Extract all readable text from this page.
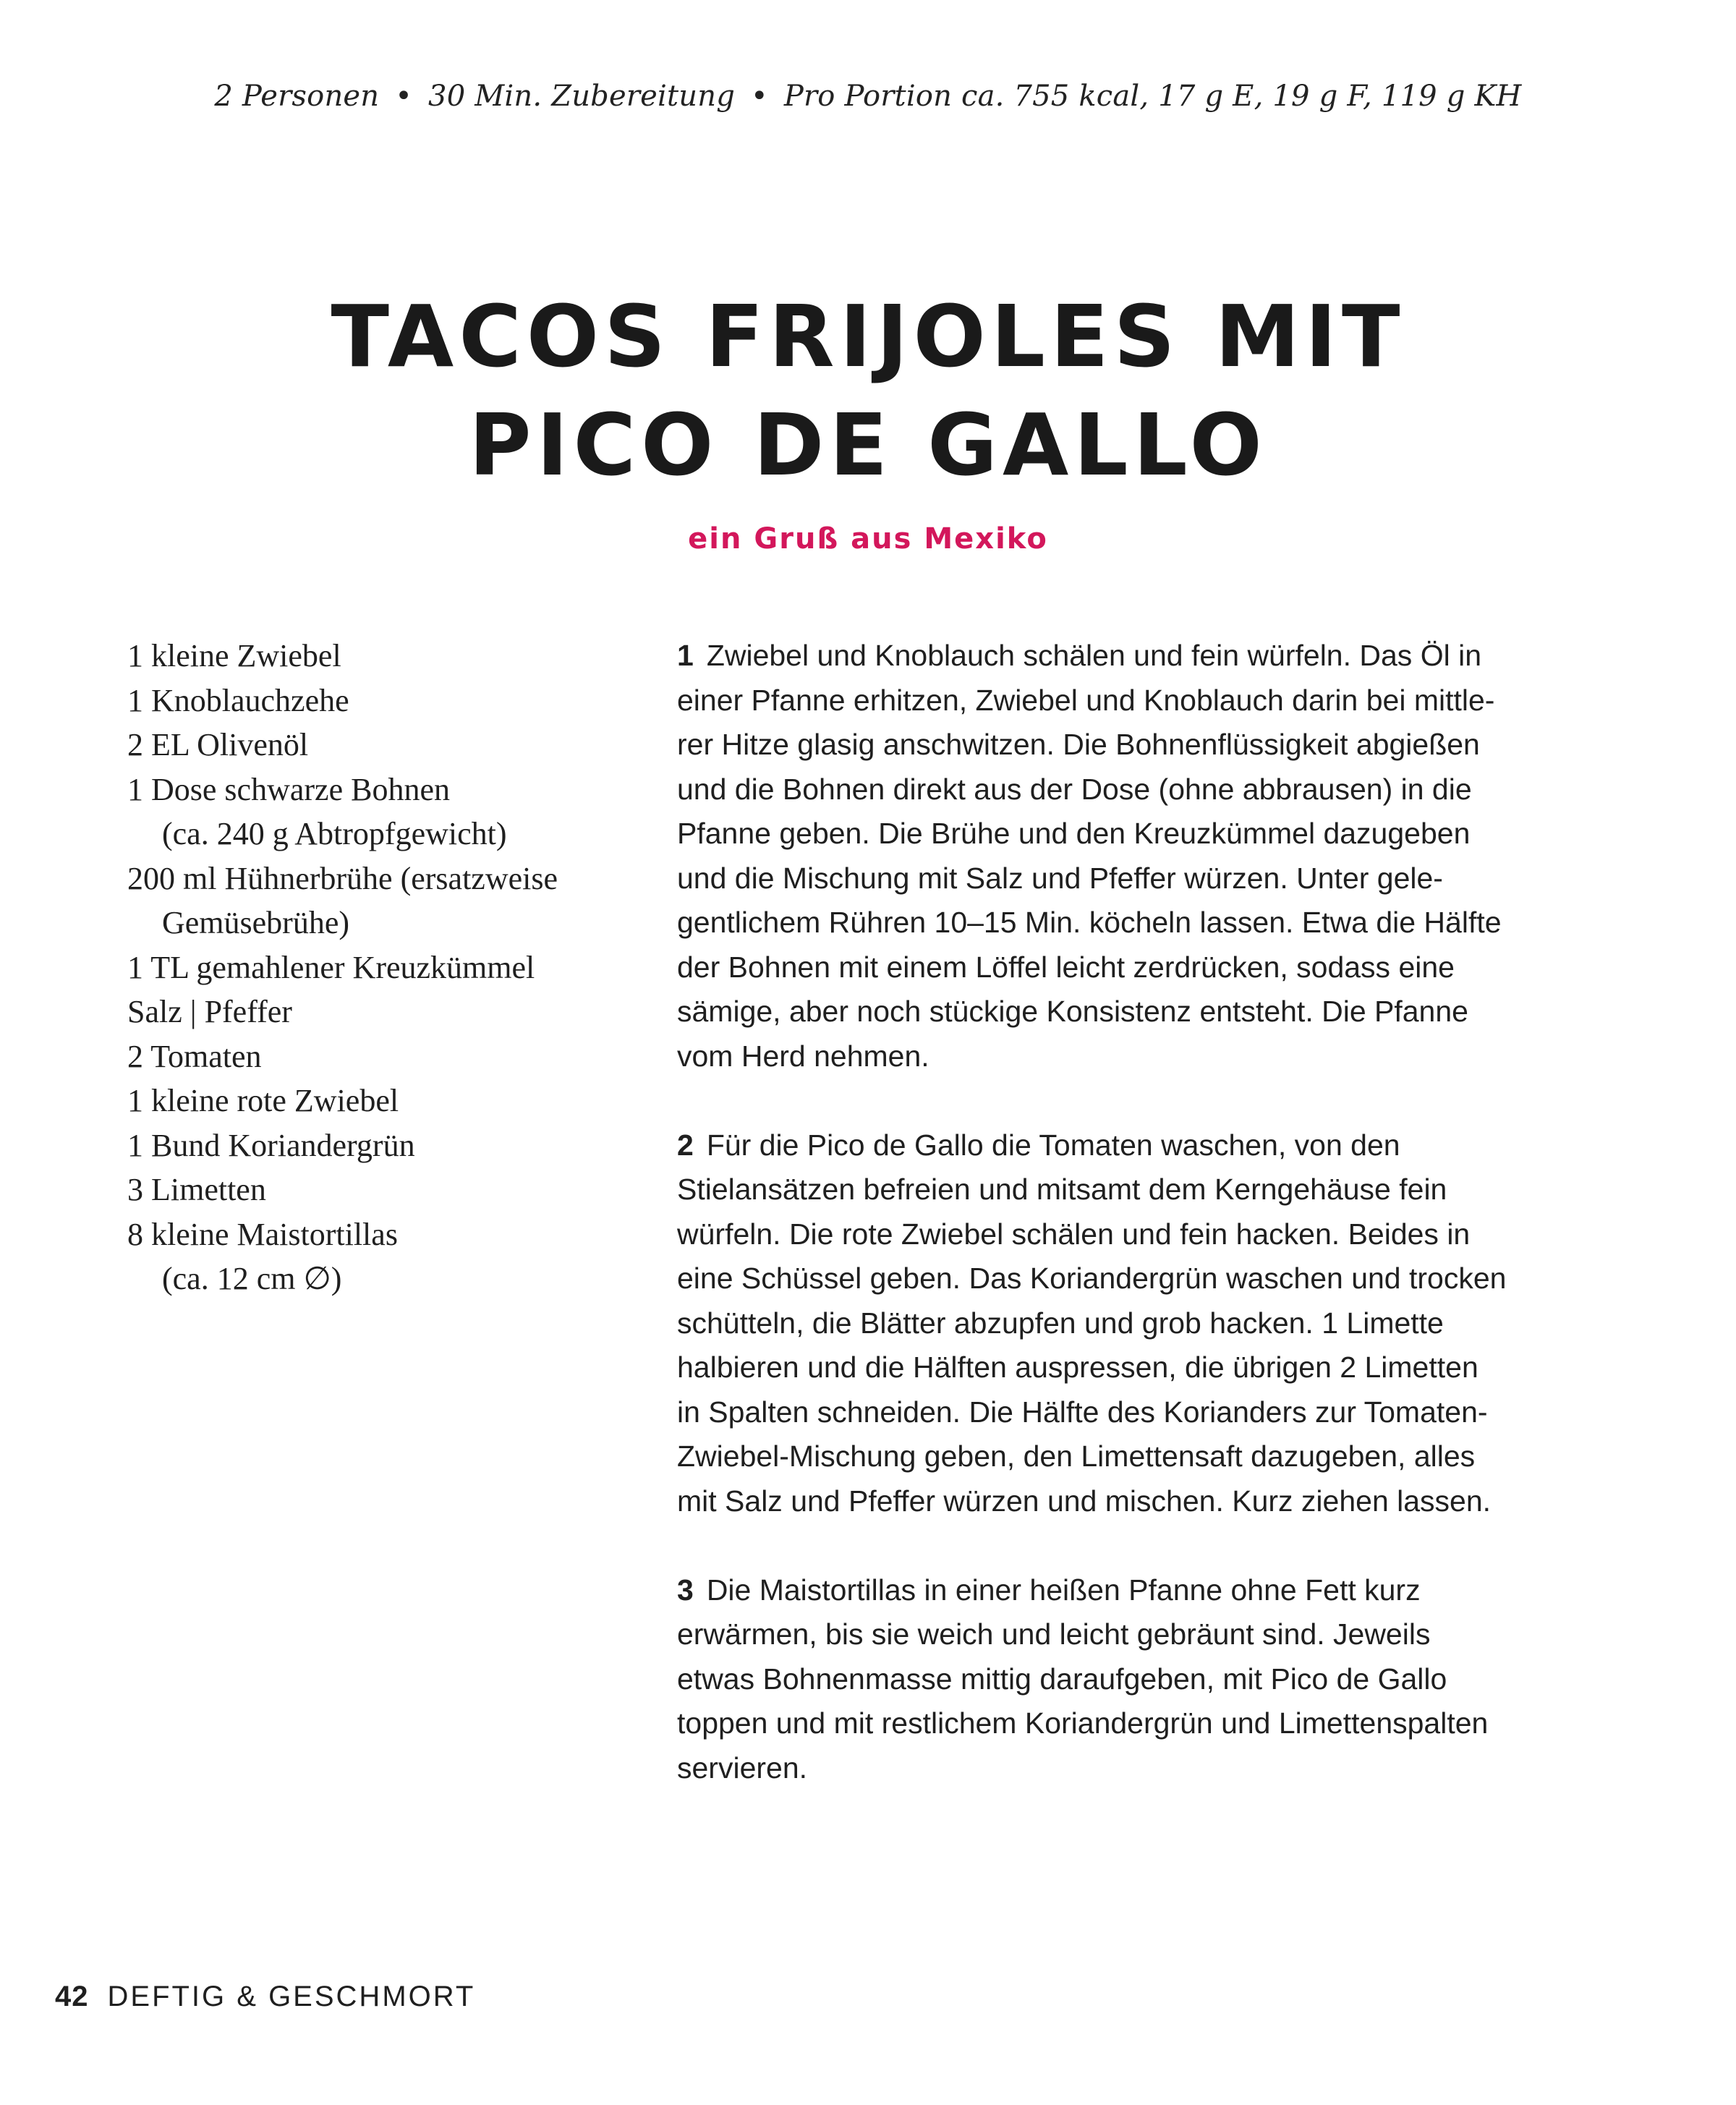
2 Personen • 30 Min. Zubereitung • Pro Portion ca. 755 kcal, 17 g E, 19 g F, 119 g KH
TACOS FRIJOLES MIT
PICO DE GALLO
ein Gruß aus Mexiko
1 kleine Zwiebel
1 Knoblauchzehe
2 EL Olivenöl
1 Dose schwarze Bohnen
(ca. 240 g Abtropfgewicht)
200 ml Hühnerbrühe (ersatzweise
Gemüsebrühe)
1 TL gemahlener Kreuzkümmel
Salz | Pfeffer
2 Tomaten
1 kleine rote Zwiebel
1 Bund Koriandergrün
3 Limetten
8 kleine Maistortillas
(ca. 12 cm ∅)
1 Zwiebel und Knoblauch schälen und fein würfeln. Das Öl in
einer Pfanne erhitzen, Zwiebel und Knoblauch darin bei mittle-
rer Hitze glasig anschwitzen. Die Bohnenflüssigkeit abgießen
und die Bohnen direkt aus der Dose (ohne abbrausen) in die
Pfanne geben. Die Brühe und den Kreuzkümmel dazugeben
und die Mischung mit Salz und Pfeffer würzen. Unter gele-
gentlichem Rühren 10–15 Min. köcheln lassen. Etwa die Hälfte
der Bohnen mit einem Löffel leicht zerdrücken, sodass eine
sämige, aber noch stückige Konsistenz entsteht. Die Pfanne
vom Herd nehmen.
2 Für die Pico de Gallo die Tomaten waschen, von den
Stielansätzen befreien und mitsamt dem Kerngehäuse fein
würfeln. Die rote Zwiebel schälen und fein hacken. Beides in
eine Schüssel geben. Das Koriandergrün waschen und trocken
schütteln, die Blätter abzupfen und grob hacken. 1 Limette
halbieren und die Hälften auspressen, die übrigen 2 Limetten
in Spalten schneiden. Die Hälfte des Korianders zur Tomaten-
Zwiebel-Mischung geben, den Limettensaft dazugeben, alles
mit Salz und Pfeffer würzen und mischen. Kurz ziehen lassen.
3 Die Maistortillas in einer heißen Pfanne ohne Fett kurz
erwärmen, bis sie weich und leicht gebräunt sind. Jeweils
etwas Bohnenmasse mittig daraufgeben, mit Pico de Gallo
toppen und mit restlichem Koriandergrün und Limettenspalten
servieren.
42 DEFTIG & GESCHMORT
